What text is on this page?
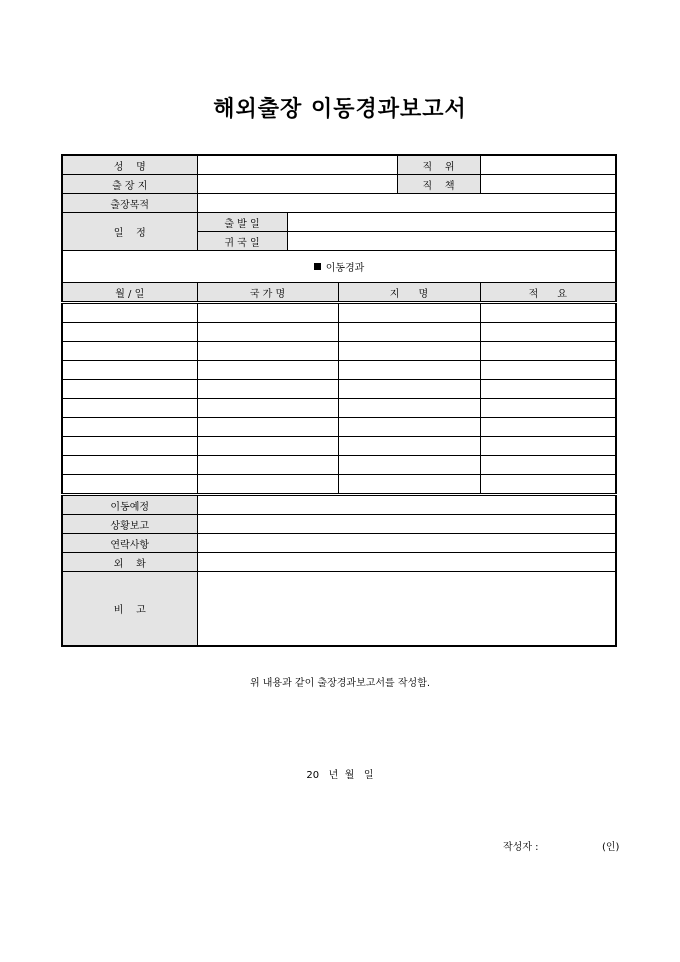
해외출장 이동경과보고서
성    명				직    위	
출 장 지				직    책	
출장목적					
일    정	출 발 일				
	귀 국 일				
이동경과					
월 / 일	국 가 명		지      명		적      요

이동예정					
상황보고					
연락사항					
외    화					
비    고					
위 내용과 같이 출장경과보고서를 작성함.
20   년  월   일
작성자 :	(인)
